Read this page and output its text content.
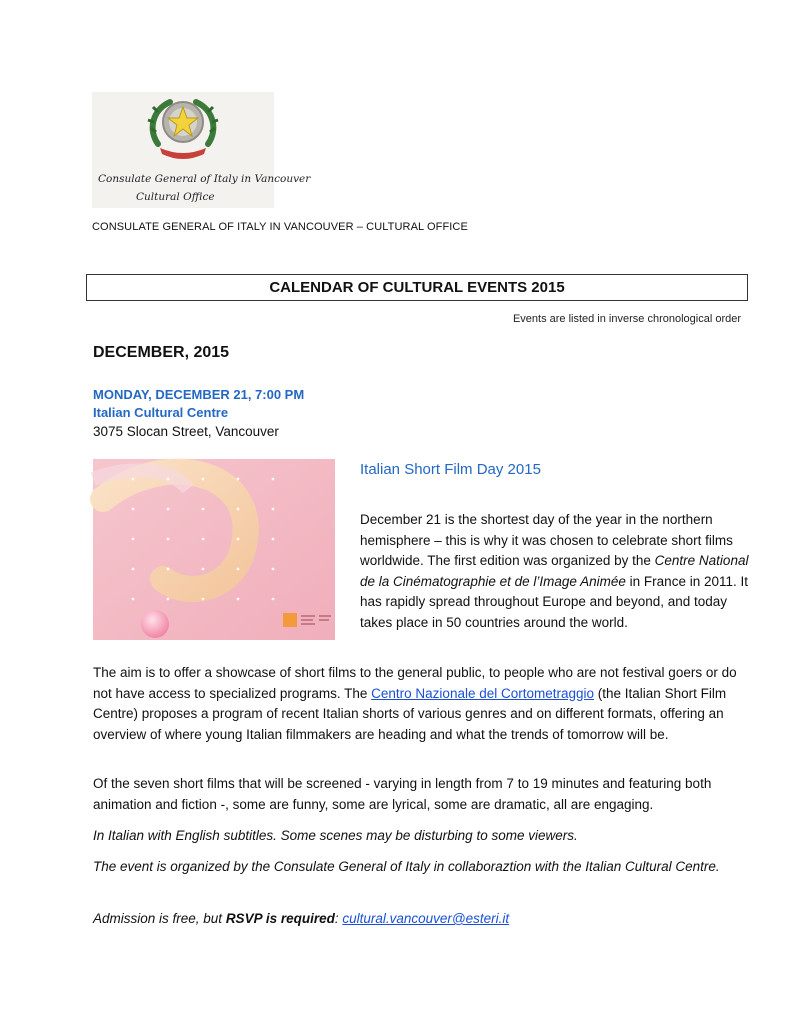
Consulate General of Italy in Vancouver
Cultural Office
CONSULATE GENERAL OF ITALY IN VANCOUVER – CULTURAL OFFICE
CALENDAR OF CULTURAL EVENTS 2015
Events are listed in inverse chronological order
DECEMBER, 2015
MONDAY, DECEMBER 21, 7:00 PM
Italian Cultural Centre
3075 Slocan Street, Vancouver
Italian Short Film Day 2015
December 21 is the shortest day of the year in the northern hemisphere – this is why it was chosen to celebrate short films worldwide. The first edition was organized by the Centre National de la Cinématographie et de l’Image Animée in France in 2011. It has rapidly spread throughout Europe and beyond, and today takes place in 50 countries around the world.
The aim is to offer a showcase of short films to the general public, to people who are not festival goers or do not have access to specialized programs. The Centro Nazionale del Cortometraggio (the Italian Short Film Centre) proposes a program of recent Italian shorts of various genres and on different formats, offering an overview of where young Italian filmmakers are heading and what the trends of tomorrow will be.
Of the seven short films that will be screened - varying in length from 7 to 19 minutes and featuring both animation and fiction -, some are funny, some are lyrical, some are dramatic, all are engaging.
In Italian with English subtitles. Some scenes may be disturbing to some viewers.
The event is organized by the Consulate General of Italy in collaboraztion with the Italian Cultural Centre.
Admission is free, but RSVP is required: cultural.vancouver@esteri.it
